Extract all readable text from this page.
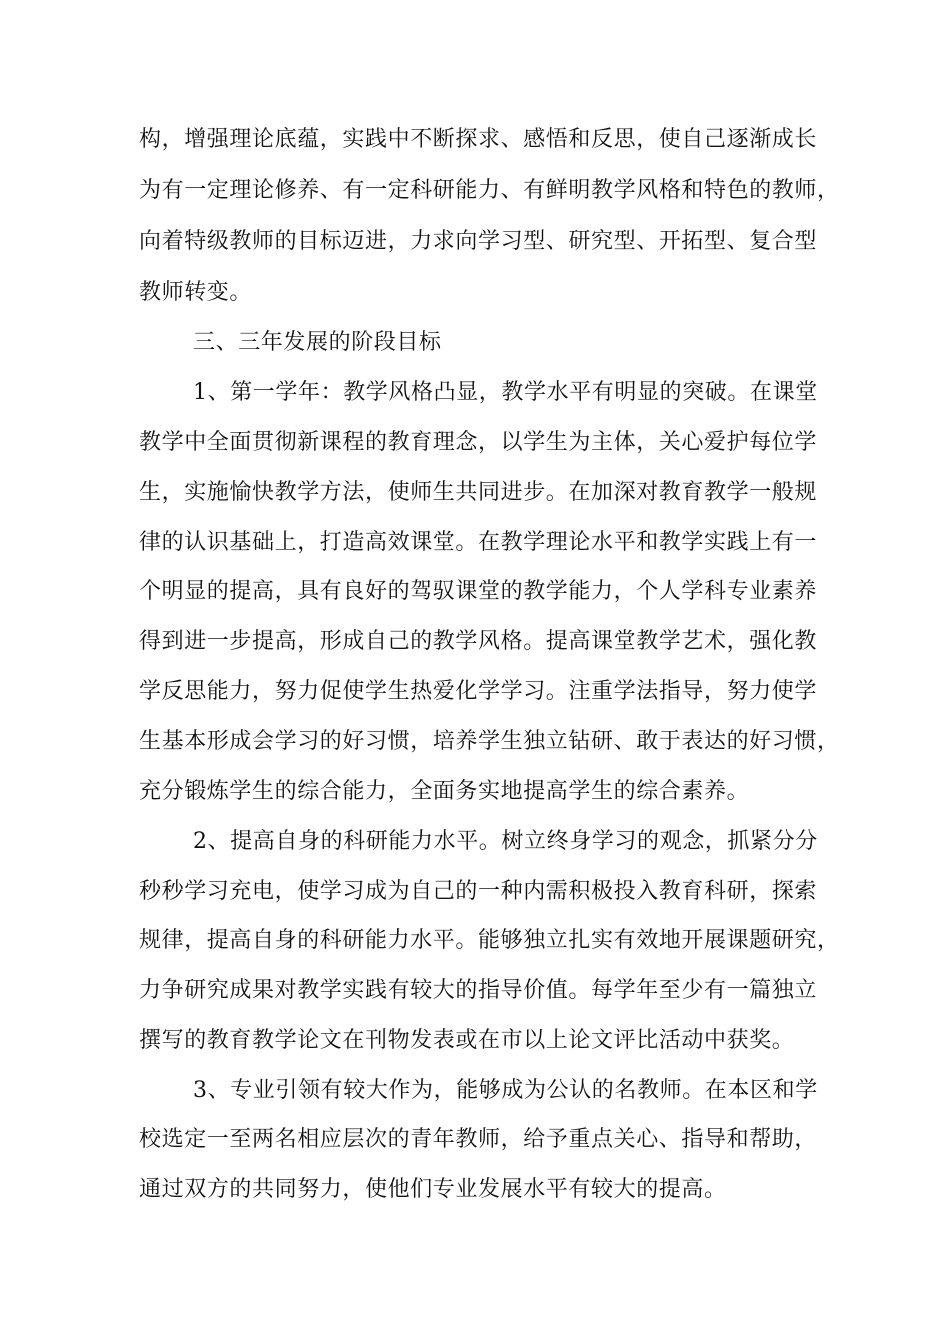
构，增强理论底蕴，实践中不断探求、感悟和反思，使自己逐渐成长
为有一定理论修养、有一定科研能力、有鲜明教学风格和特色的教师，
向着特级教师的目标迈进，力求向学习型、研究型、开拓型、复合型
教师转变。
三、三年发展的阶段目标
1、第一学年：教学风格凸显，教学水平有明显的突破。在课堂
教学中全面贯彻新课程的教育理念，以学生为主体，关心爱护每位学
生，实施愉快教学方法，使师生共同进步。在加深对教育教学一般规
律的认识基础上，打造高效课堂。在教学理论水平和教学实践上有一
个明显的提高，具有良好的驾驭课堂的教学能力，个人学科专业素养
得到进一步提高，形成自己的教学风格。提高课堂教学艺术，强化教
学反思能力，努力促使学生热爱化学学习。注重学法指导，努力使学
生基本形成会学习的好习惯，培养学生独立钻研、敢于表达的好习惯，
充分锻炼学生的综合能力，全面务实地提高学生的综合素养。
2、提高自身的科研能力水平。树立终身学习的观念，抓紧分分
秒秒学习充电，使学习成为自己的一种内需积极投入教育科研，探索
规律，提高自身的科研能力水平。能够独立扎实有效地开展课题研究，
力争研究成果对教学实践有较大的指导价值。每学年至少有一篇独立
撰写的教育教学论文在刊物发表或在市以上论文评比活动中获奖。
3、专业引领有较大作为，能够成为公认的名教师。在本区和学
校选定一至两名相应层次的青年教师，给予重点关心、指导和帮助，
通过双方的共同努力，使他们专业发展水平有较大的提高。
